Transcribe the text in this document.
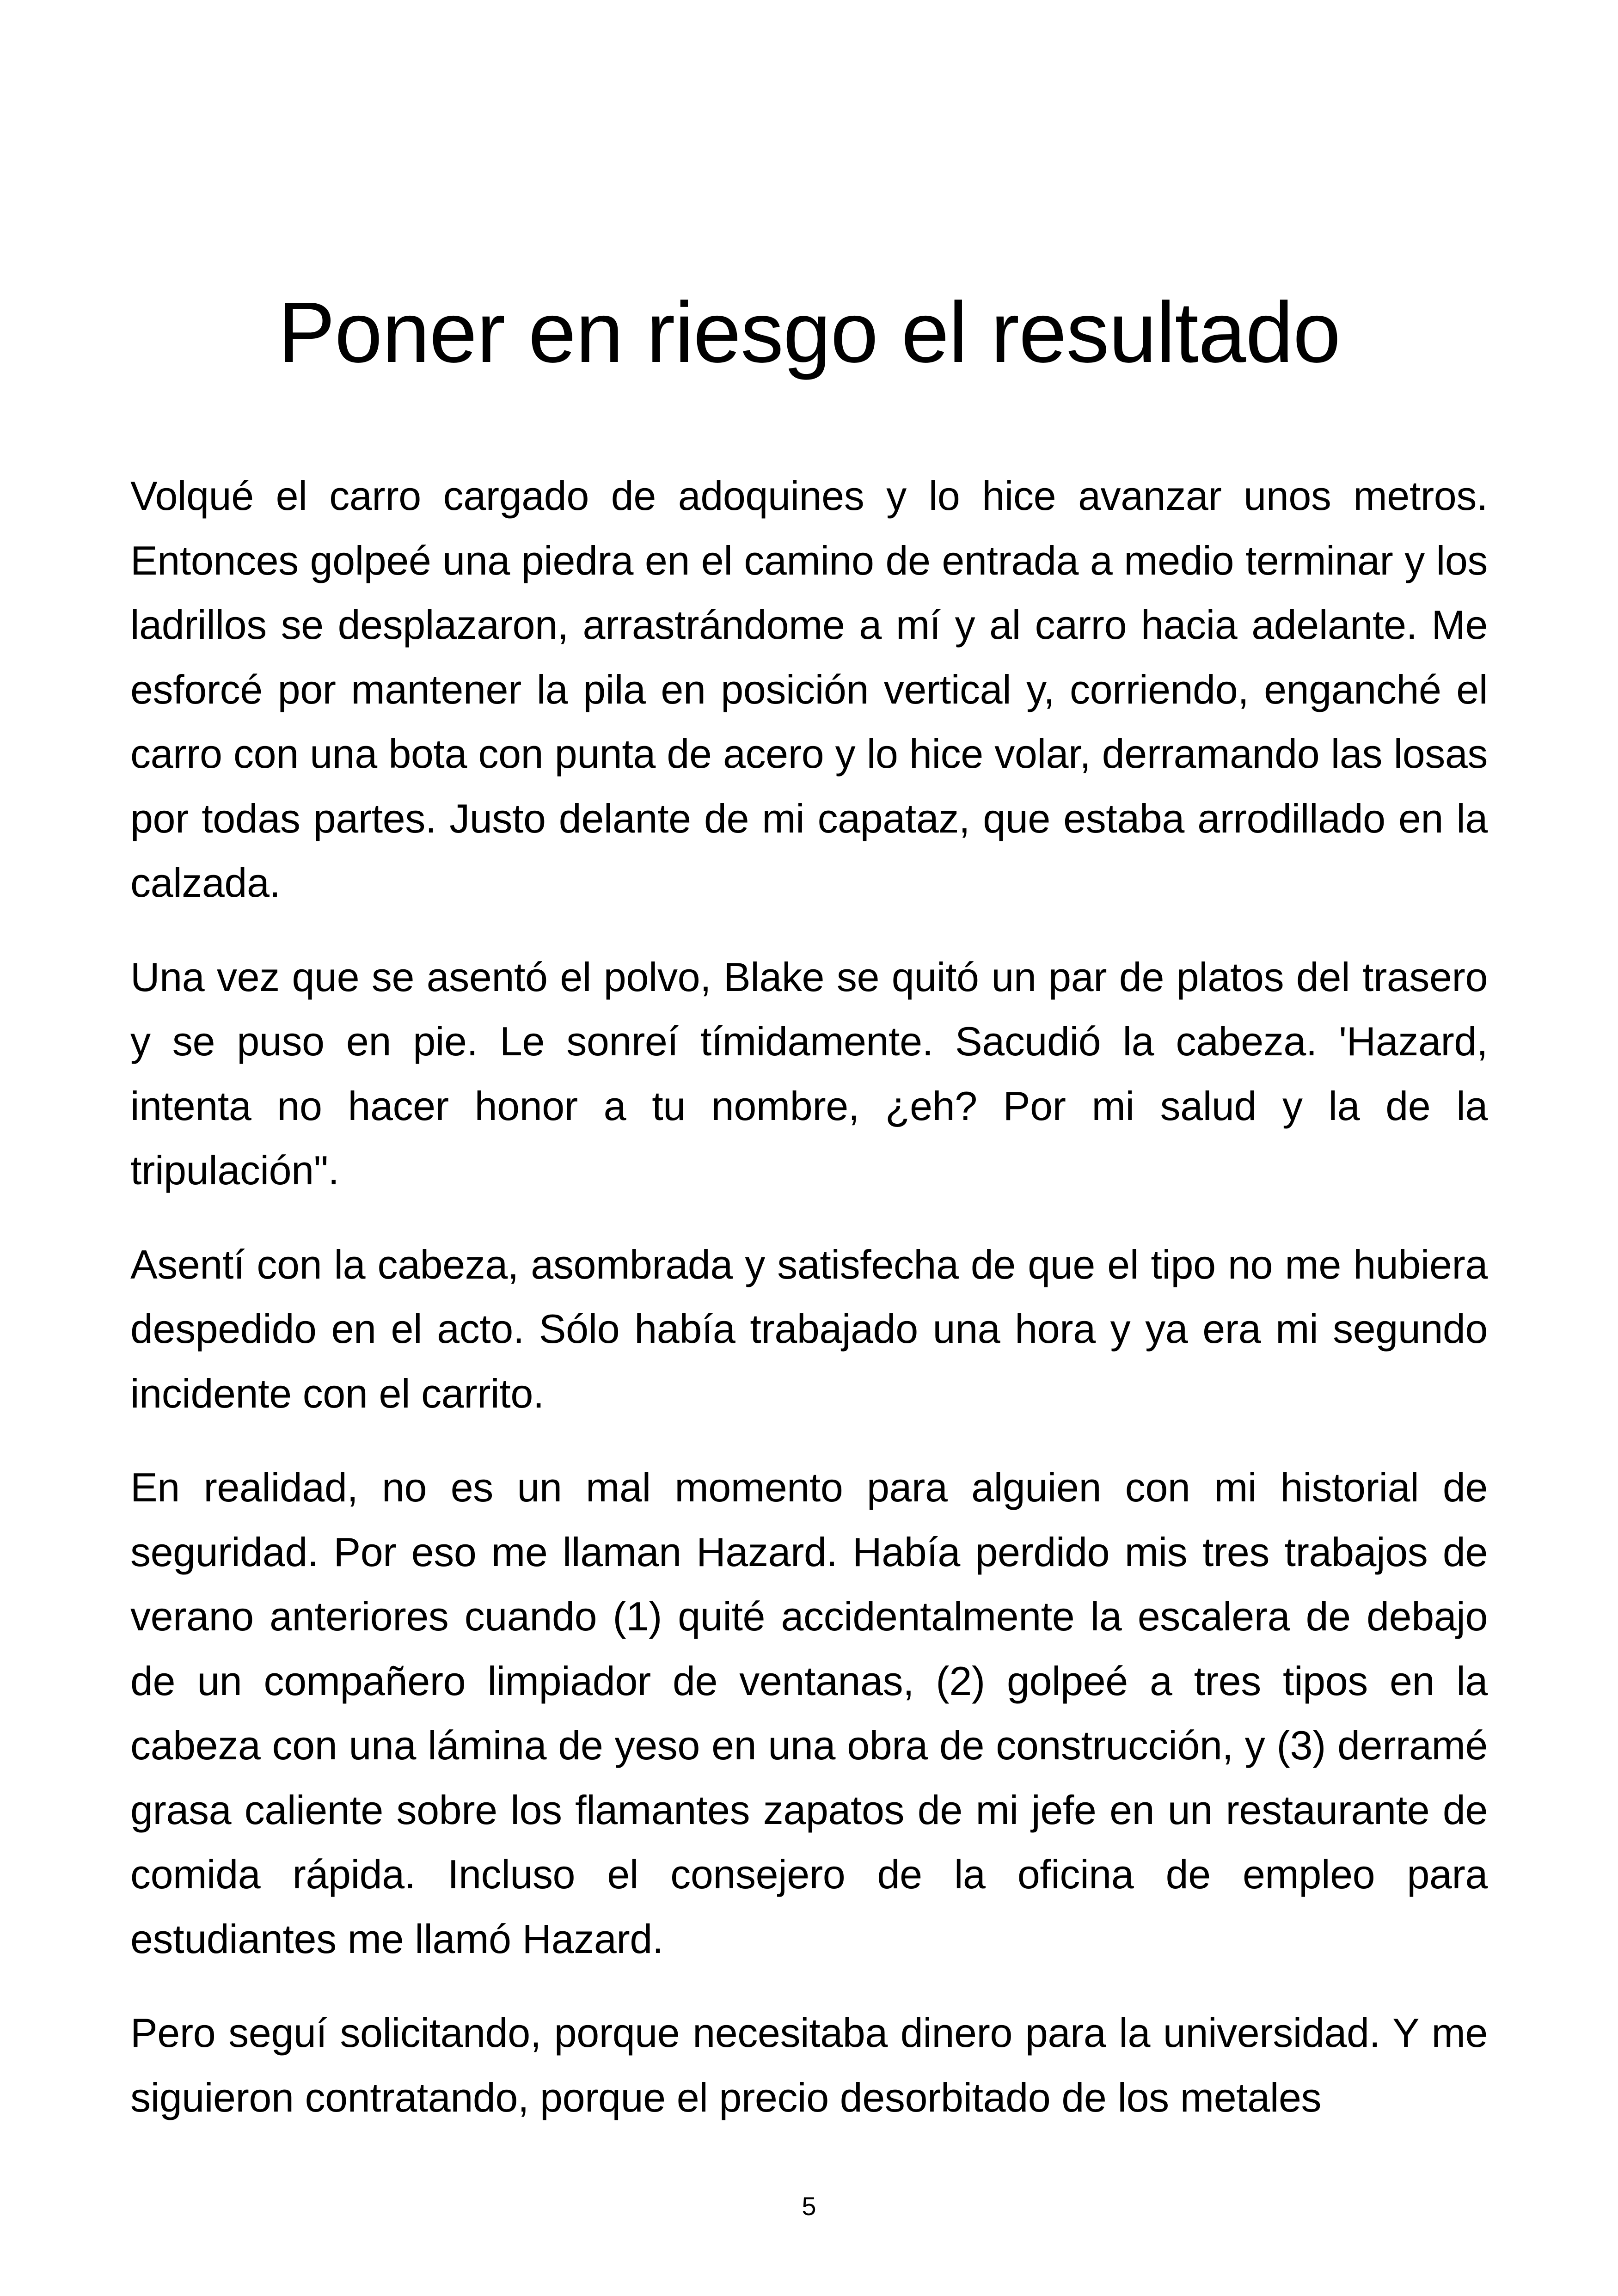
Poner en riesgo el resultado

Volqué el carro cargado de adoquines y lo hice avanzar unos metros. Entonces golpeé una piedra en el camino de entrada a medio terminar y los ladrillos se desplazaron, arrastrándome a mí y al carro hacia adelante. Me esforcé por mantener la pila en posición vertical y, corriendo, enganché el carro con una bota con punta de acero y lo hice volar, derramando las losas por todas partes. Justo delante de mi capataz, que estaba arrodillado en la calzada.

Una vez que se asentó el polvo, Blake se quitó un par de platos del trasero y se puso en pie. Le sonreí tímidamente. Sacudió la cabeza. 'Hazard, intenta no hacer honor a tu nombre, ¿eh? Por mi salud y la de la tripulación".

Asentí con la cabeza, asombrada y satisfecha de que el tipo no me hubiera despedido en el acto. Sólo había trabajado una hora y ya era mi segundo incidente con el carrito.

En realidad, no es un mal momento para alguien con mi historial de seguridad. Por eso me llaman Hazard. Había perdido mis tres trabajos de verano anteriores cuando (1) quité accidentalmente la escalera de debajo de un compañero limpiador de ventanas, (2) golpeé a tres tipos en la cabeza con una lámina de yeso en una obra de construcción, y (3) derramé grasa caliente sobre los flamantes zapatos de mi jefe en un restaurante de comida rápida. Incluso el consejero de la oficina de empleo para estudiantes me llamó Hazard.

Pero seguí solicitando, porque necesitaba dinero para la universidad. Y me siguieron contratando, porque el precio desorbitado de los metales

5
